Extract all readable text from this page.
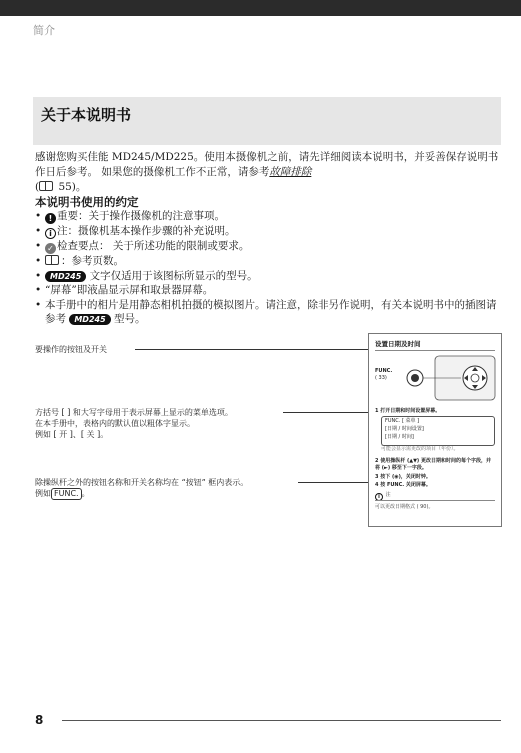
简介
关于本说明书
感谢您购买佳能 MD245/MD225。使用本摄像机之前，请先详细阅读本说明书，并妥善保存说明书作日后参考。 如果您的摄像机工作不正常，请参考故障排除
( 55)。
本说明书使用的约定
• ! 重要：关于操作摄像机的注意事项。
• i 注：摄像机基本操作步骤的补充说明。
• ✓ 检查要点： 关于所述功能的限制或要求。
• ：参考页数。
• MD245 文字仅适用于该图标所显示的型号。
• “屏幕”即液晶显示屏和取景器屏幕。
• 本手册中的相片是用静态相机拍摄的模拟图片。请注意，除非另作说明，有关本说明书中的插图请参考 MD245 型号。
要操作的按钮及开关
方括号 [ ] 和大写字母用于表示屏幕上显示的菜单选项。
在本手册中，表格内的默认值以粗体字显示。
例如 [ 开 ]、[ 关 ]。
除操纵杆之外的按钮名称和开关名称均在 “按钮” 框内表示。
例如 FUNC. 。
设置日期及时间
FUNC.
( 33)
1 打开日期和时间设置屏幕。
FUNC. [ 菜单 ]
[日期 / 时间设置]
[日期 / 时间]
可能会显示需更改的项目（年份）。
2 使用操纵杆 (▲▼) 更改日期和时间的每个字段，并将 (►) 移至下一字段。
3 按下 (◉)，关闭时钟。
4 按 FUNC. 关闭屏幕。
i 注
可以更改日期格式 ( 90)。
8
